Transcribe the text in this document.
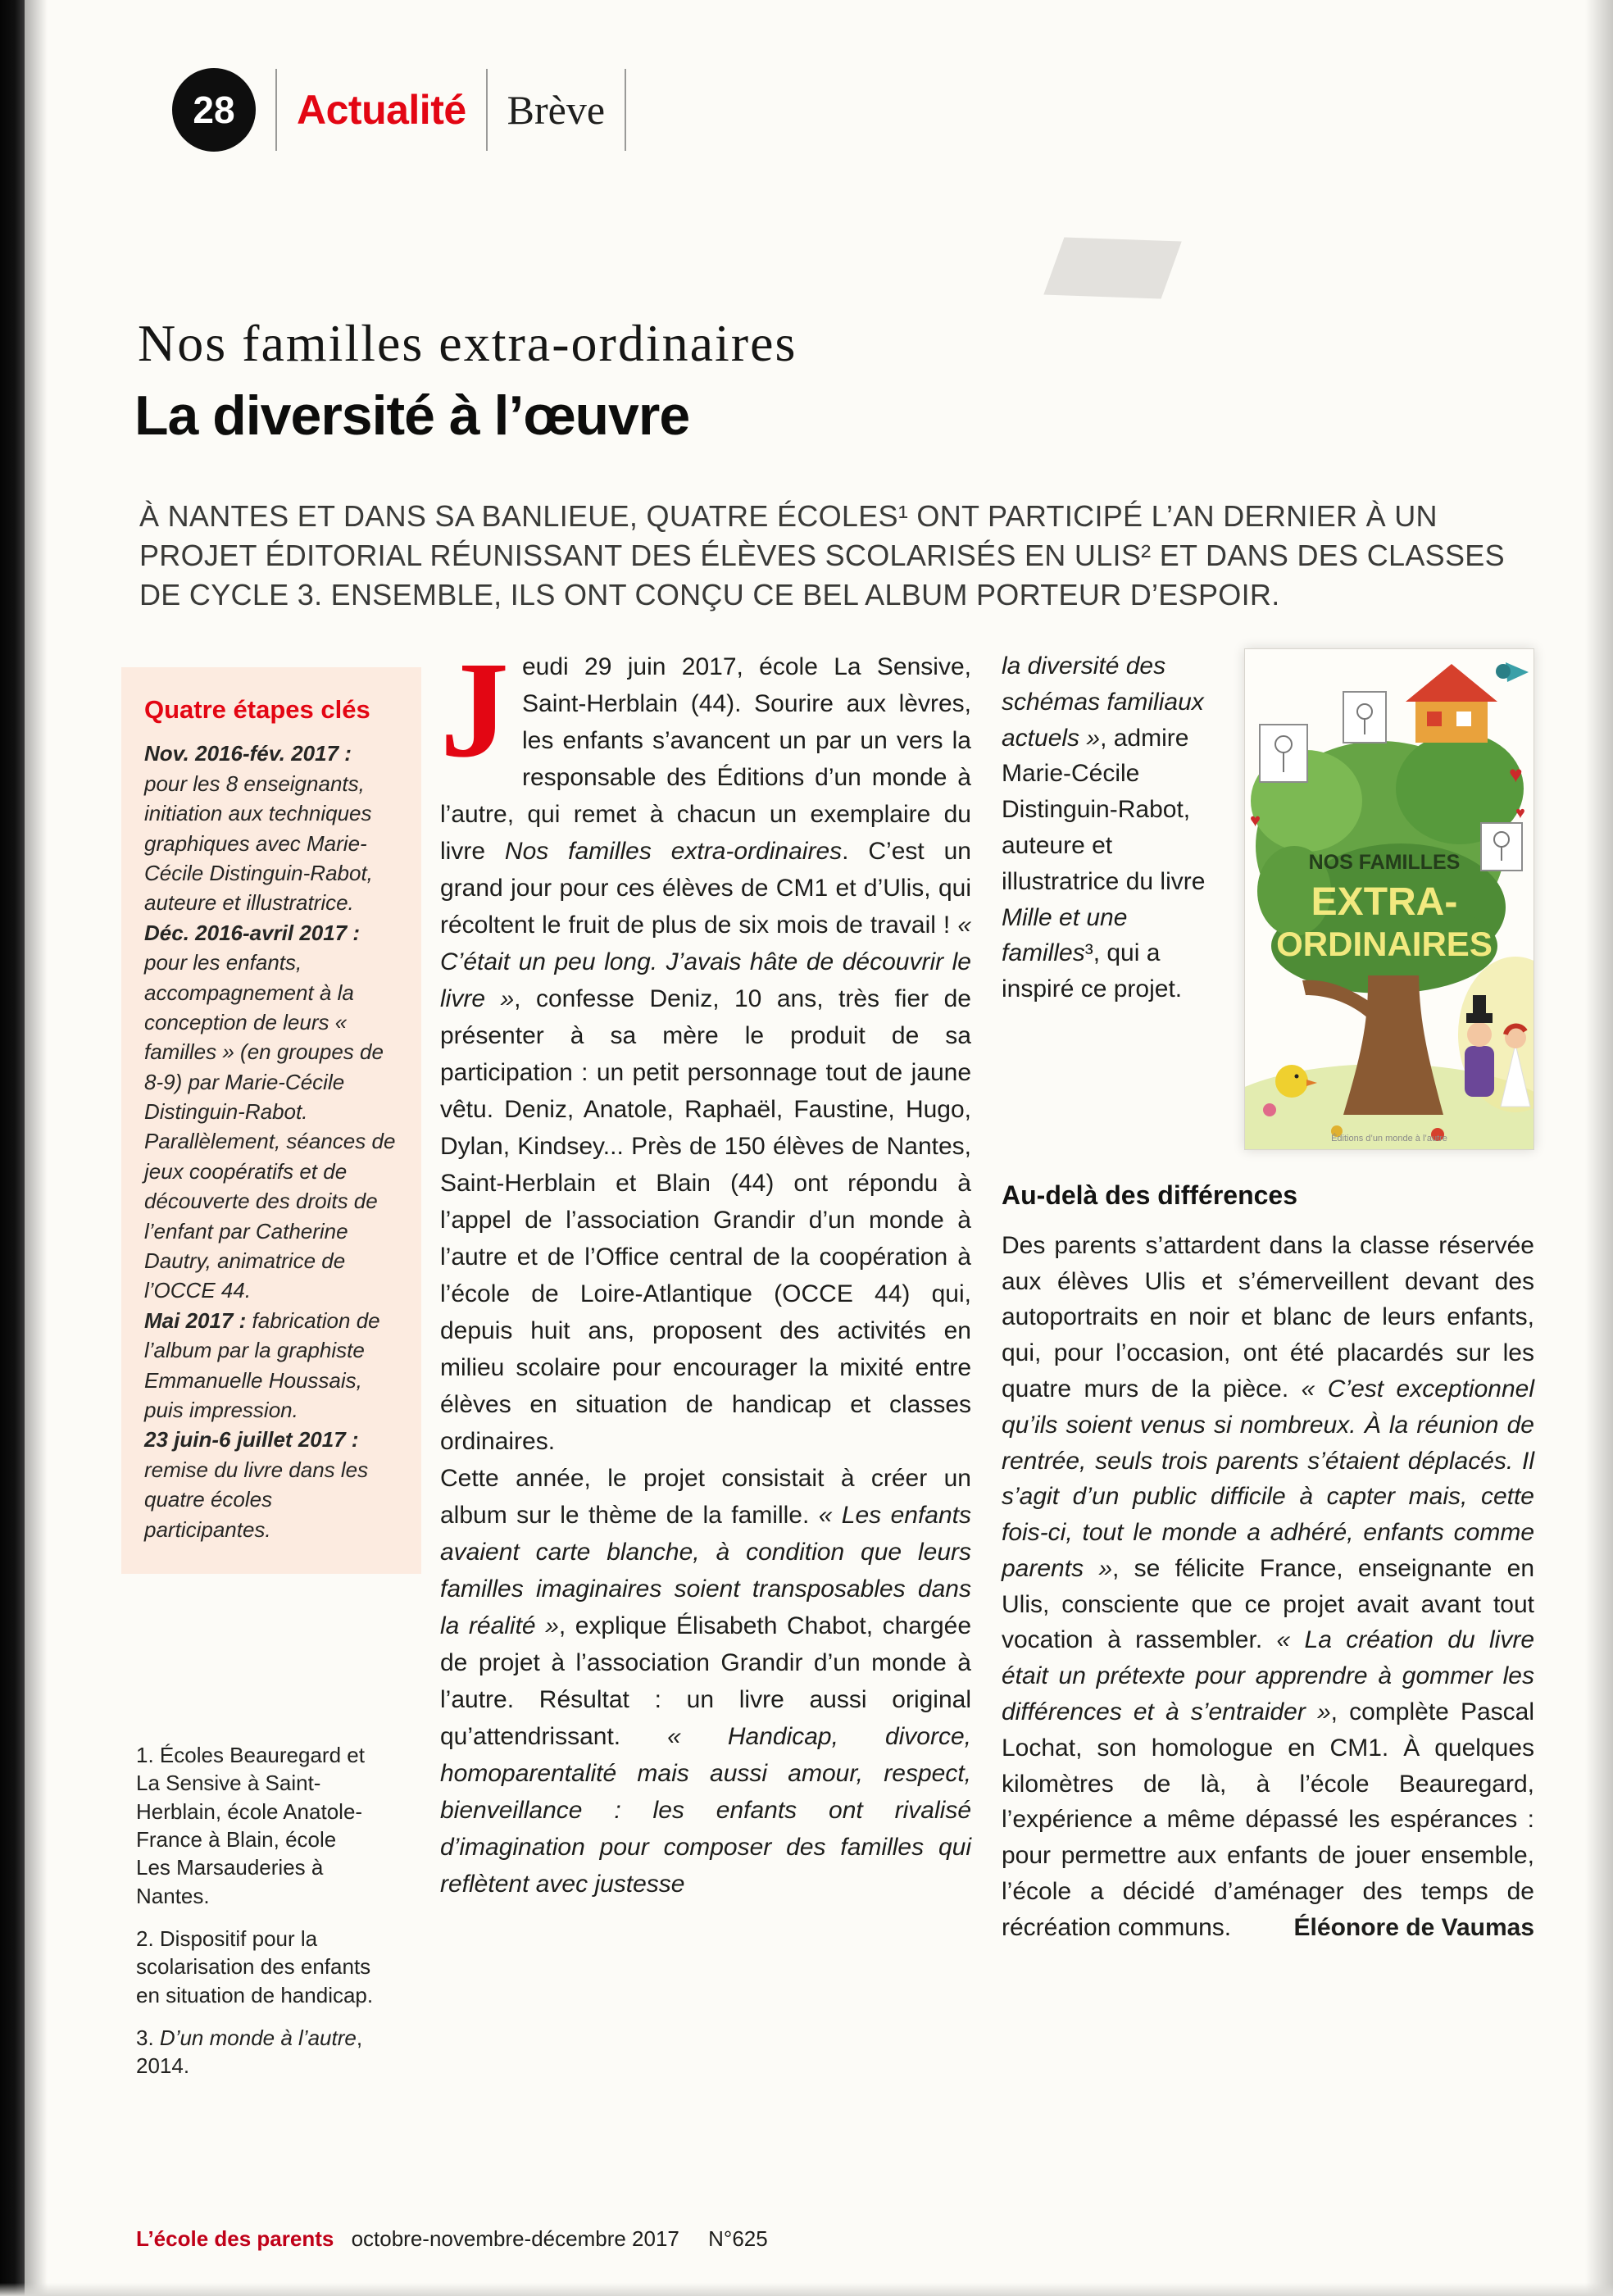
28 Actualité Brève
Nos familles extra-ordinaires
La diversité à l’œuvre

À NANTES ET DANS SA BANLIEUE, QUATRE ÉCOLES¹ ONT PARTICIPÉ L’AN DERNIER À UN PROJET ÉDITORIAL RÉUNISSANT DES ÉLÈVES SCOLARISÉS EN ULIS² ET DANS DES CLASSES DE CYCLE 3. ENSEMBLE, ILS ONT CONÇU CE BEL ALBUM PORTEUR D’ESPOIR.

Quatre étapes clés

Nov. 2016-fév. 2017 : pour les 8 enseignants, initiation aux techniques graphiques avec Marie-Cécile Distinguin-Rabot, auteure et illustratrice.

Déc. 2016-avril 2017 : pour les enfants, accompagnement à la conception de leurs « familles » (en groupes de 8-9) par Marie-Cécile Distinguin-Rabot. Parallèlement, séances de jeux coopératifs et de découverte des droits de l’enfant par Catherine Dautry, animatrice de l’OCCE 44.

Mai 2017 : fabrication de l’album par la graphiste Emmanuelle Houssais, puis impression.

23 juin-6 juillet 2017 : remise du livre dans les quatre écoles participantes.

1. Écoles Beauregard et La Sensive à Saint-Herblain, école Anatole-France à Blain, école Les Marsauderies à Nantes.

2. Dispositif pour la scolarisation des enfants en situation de handicap.

3. D’un monde à l’autre, 2014.

Jeudi 29 juin 2017, école La Sensive, Saint-Herblain (44). Sourire aux lèvres, les enfants s’avancent un par un vers la responsable des Éditions d’un monde à l’autre, qui remet à chacun un exemplaire du livre Nos familles extra-ordinaires. C’est un grand jour pour ces élèves de CM1 et d’Ulis, qui récoltent le fruit de plus de six mois de travail ! « C’était un peu long. J’avais hâte de découvrir le livre », confesse Deniz, 10 ans, très fier de présenter à sa mère le produit de sa participation : un petit personnage tout de jaune vêtu. Deniz, Anatole, Raphaël, Faustine, Hugo, Dylan, Kindsey... Près de 150 élèves de Nantes, Saint-Herblain et Blain (44) ont répondu à l’appel de l’association Grandir d’un monde à l’autre et de l’Office central de la coopération à l’école de Loire-Atlantique (OCCE 44) qui, depuis huit ans, proposent des activités en milieu scolaire pour encourager la mixité entre élèves en situation de handicap et classes ordinaires.

Cette année, le projet consistait à créer un album sur le thème de la famille. « Les enfants avaient carte blanche, à condition que leurs familles imaginaires soient transposables dans la réalité », explique Élisabeth Chabot, chargée de projet à l’association Grandir d’un monde à l’autre. Résultat : un livre aussi original qu’attendrissant. « Handicap, divorce, homoparentalité mais aussi amour, respect, bienveillance : les enfants ont rivalisé d’imagination pour composer des familles qui reflètent avec justesse

la diversité des schémas familiaux actuels », admire Marie-Cécile Distinguin-Rabot, auteure et illustratrice du livre Mille et une familles³, qui a inspiré ce projet.

♥
♥
♥
NOS FAMILLES
EXTRA-
ORDINAIRES
Éditions d’un monde à l’autre
Au-delà des différences

Des parents s’attardent dans la classe réservée aux élèves Ulis et s’émerveillent devant des autoportraits en noir et blanc de leurs enfants, qui, pour l’occasion, ont été placardés sur les quatre murs de la pièce. « C’est exceptionnel qu’ils soient venus si nombreux. À la réunion de rentrée, seuls trois parents s’étaient déplacés. Il s’agit d’un public difficile à capter mais, cette fois-ci, tout le monde a adhéré, enfants comme parents », se félicite France, enseignante en Ulis, consciente que ce projet avait avant tout vocation à rassembler. « La création du livre était un prétexte pour apprendre à gommer les différences et à s’entraider », complète Pascal Lochat, son homologue en CM1. À quelques kilomètres de là, à l’école Beauregard, l’expérience a même dépassé les espérances : pour permettre aux enfants de jouer ensemble, l’école a décidé d’aménager des temps de récréation communs.	Éléonore de Vaumas
L’école des parents octobre-novembre-décembre 2017 N°625
